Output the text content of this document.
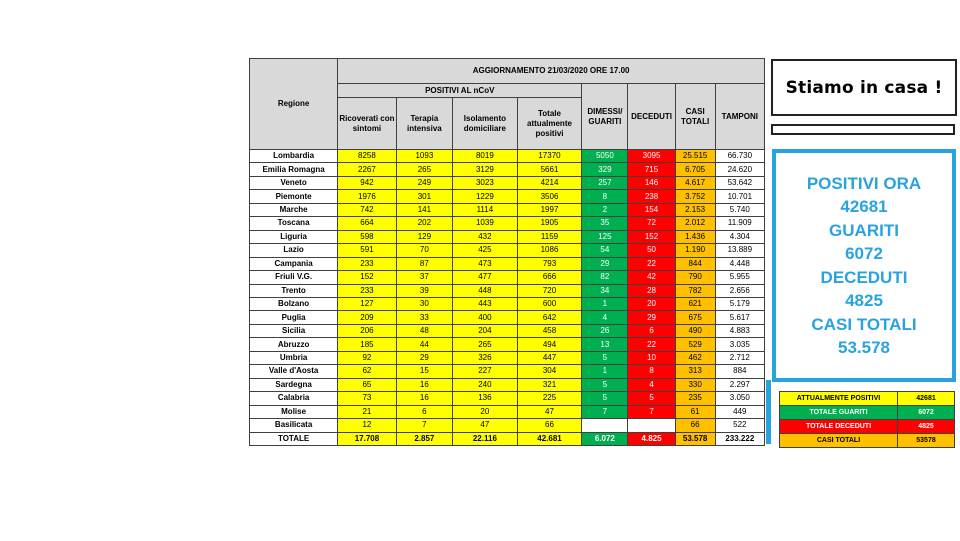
Regione	AGGIORNAMENTO 21/03/2020 ORE 17.00							
	POSITIVI AL nCoV				DIMESSI/ GUARITI	DECEDUTI	CASI TOTALI	TAMPONI
	Ricoverati con sintomi	Terapia intensiva	Isolamento domiciliare	Totale attualmente positivi				
Lombardia	8258	1093	8019	17370	5050	3095	25.515	66.730
Emilia Romagna	2267	265	3129	5661	329	715	6.705	24.620
Veneto	942	249	3023	4214	257	146	4.617	53.642
Piemonte	1976	301	1229	3506	8	238	3.752	10.701
Marche	742	141	1114	1997	2	154	2.153	5.740
Toscana	664	202	1039	1905	35	72	2.012	11.909
Liguria	598	129	432	1159	125	152	1.436	4.304
Lazio	591	70	425	1086	54	50	1.190	13.889
Campania	233	87	473	793	29	22	844	4.448
Friuli V.G.	152	37	477	666	82	42	790	5.955
Trento	233	39	448	720	34	28	782	2.656
Bolzano	127	30	443	600	1	20	621	5.179
Puglia	209	33	400	642	4	29	675	5.617
Sicilia	206	48	204	458	26	6	490	4.883
Abruzzo	185	44	265	494	13	22	529	3.035
Umbria	92	29	326	447	5	10	462	2.712
Valle d'Aosta	62	15	227	304	1	8	313	884
Sardegna	65	16	240	321	5	4	330	2.297
Calabria	73	16	136	225	5	5	235	3.050
Molise	21	6	20	47	7	7	61	449
Basilicata	12	7	47	66			66	522
TOTALE	17.708	2.857	22.116	42.681	6.072	4.825	53.578	233.222
Stiamo in casa !
POSITIVI ORA
42681
GUARITI
6072
DECEDUTI
4825
CASI TOTALI
53.578
ATTUALMENTE POSITIVI	42681
TOTALE GUARITI	6072
TOTALE DECEDUTI	4825
CASI TOTALI	53578
